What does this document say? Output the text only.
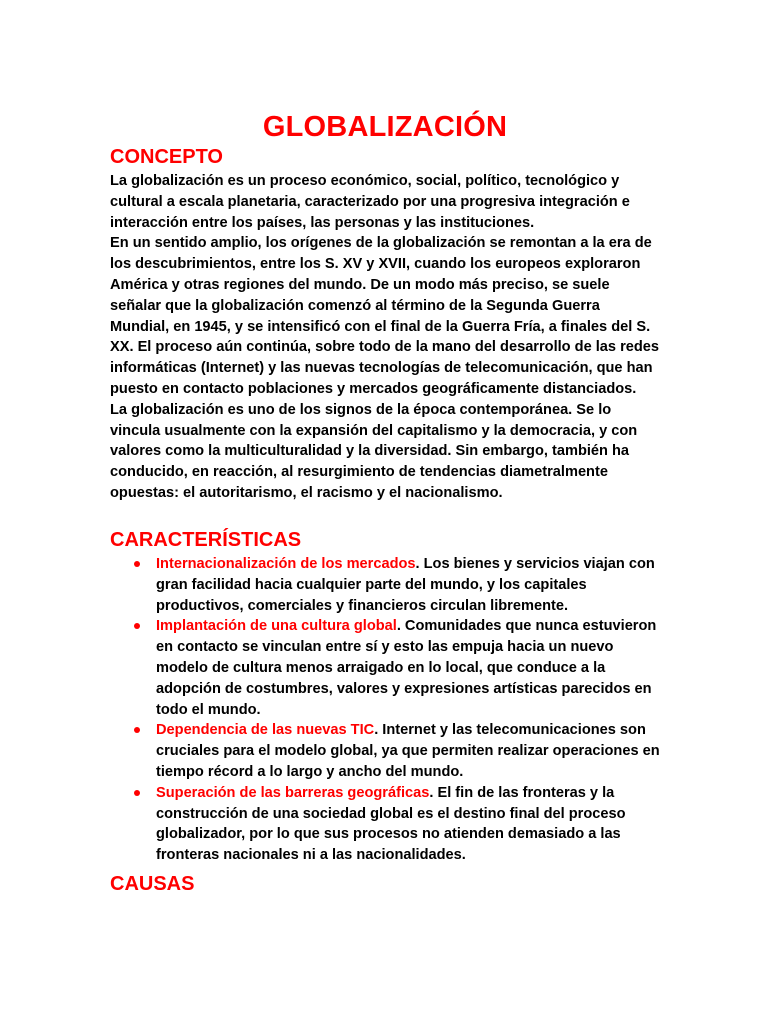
GLOBALIZACIÓN
CONCEPTO

La globalización es un proceso económico, social, político, tecnológico y cultural a escala planetaria, caracterizado por una progresiva integración e interacción entre los países, las personas y las instituciones.

En un sentido amplio, los orígenes de la globalización se remontan a la era de los descubrimientos, entre los S. XV y XVII, cuando los europeos exploraron América y otras regiones del mundo. De un modo más preciso, se suele señalar que la globalización comenzó al término de la Segunda Guerra Mundial, en 1945, y se intensificó con el final de la Guerra Fría, a finales del S. XX. El proceso aún continúa, sobre todo de la mano del desarrollo de las redes informáticas (Internet) y las nuevas tecnologías de telecomunicación, que han puesto en contacto poblaciones y mercados geográficamente distanciados.

La globalización es uno de los signos de la época contemporánea. Se lo vincula usualmente con la expansión del capitalismo y la democracia, y con valores como la multiculturalidad y la diversidad. Sin embargo, también ha conducido, en reacción, al resurgimiento de tendencias diametralmente opuestas: el autoritarismo, el racismo y el nacionalismo.

CARACTERÍSTICAS
Internacionalización de los mercados. Los bienes y servicios viajan con gran facilidad hacia cualquier parte del mundo, y los capitales productivos, comerciales y financieros circulan libremente.
Implantación de una cultura global. Comunidades que nunca estuvieron en contacto se vinculan entre sí y esto las empuja hacia un nuevo modelo de cultura menos arraigado en lo local, que conduce a la adopción de costumbres, valores y expresiones artísticas parecidos en todo el mundo.
Dependencia de las nuevas TIC. Internet y las telecomunicaciones son cruciales para el modelo global, ya que permiten realizar operaciones en tiempo récord a lo largo y ancho del mundo.
Superación de las barreras geográficas. El fin de las fronteras y la construcción de una sociedad global es el destino final del proceso globalizador, por lo que sus procesos no atienden demasiado a las fronteras nacionales ni a las nacionalidades.
CAUSAS
